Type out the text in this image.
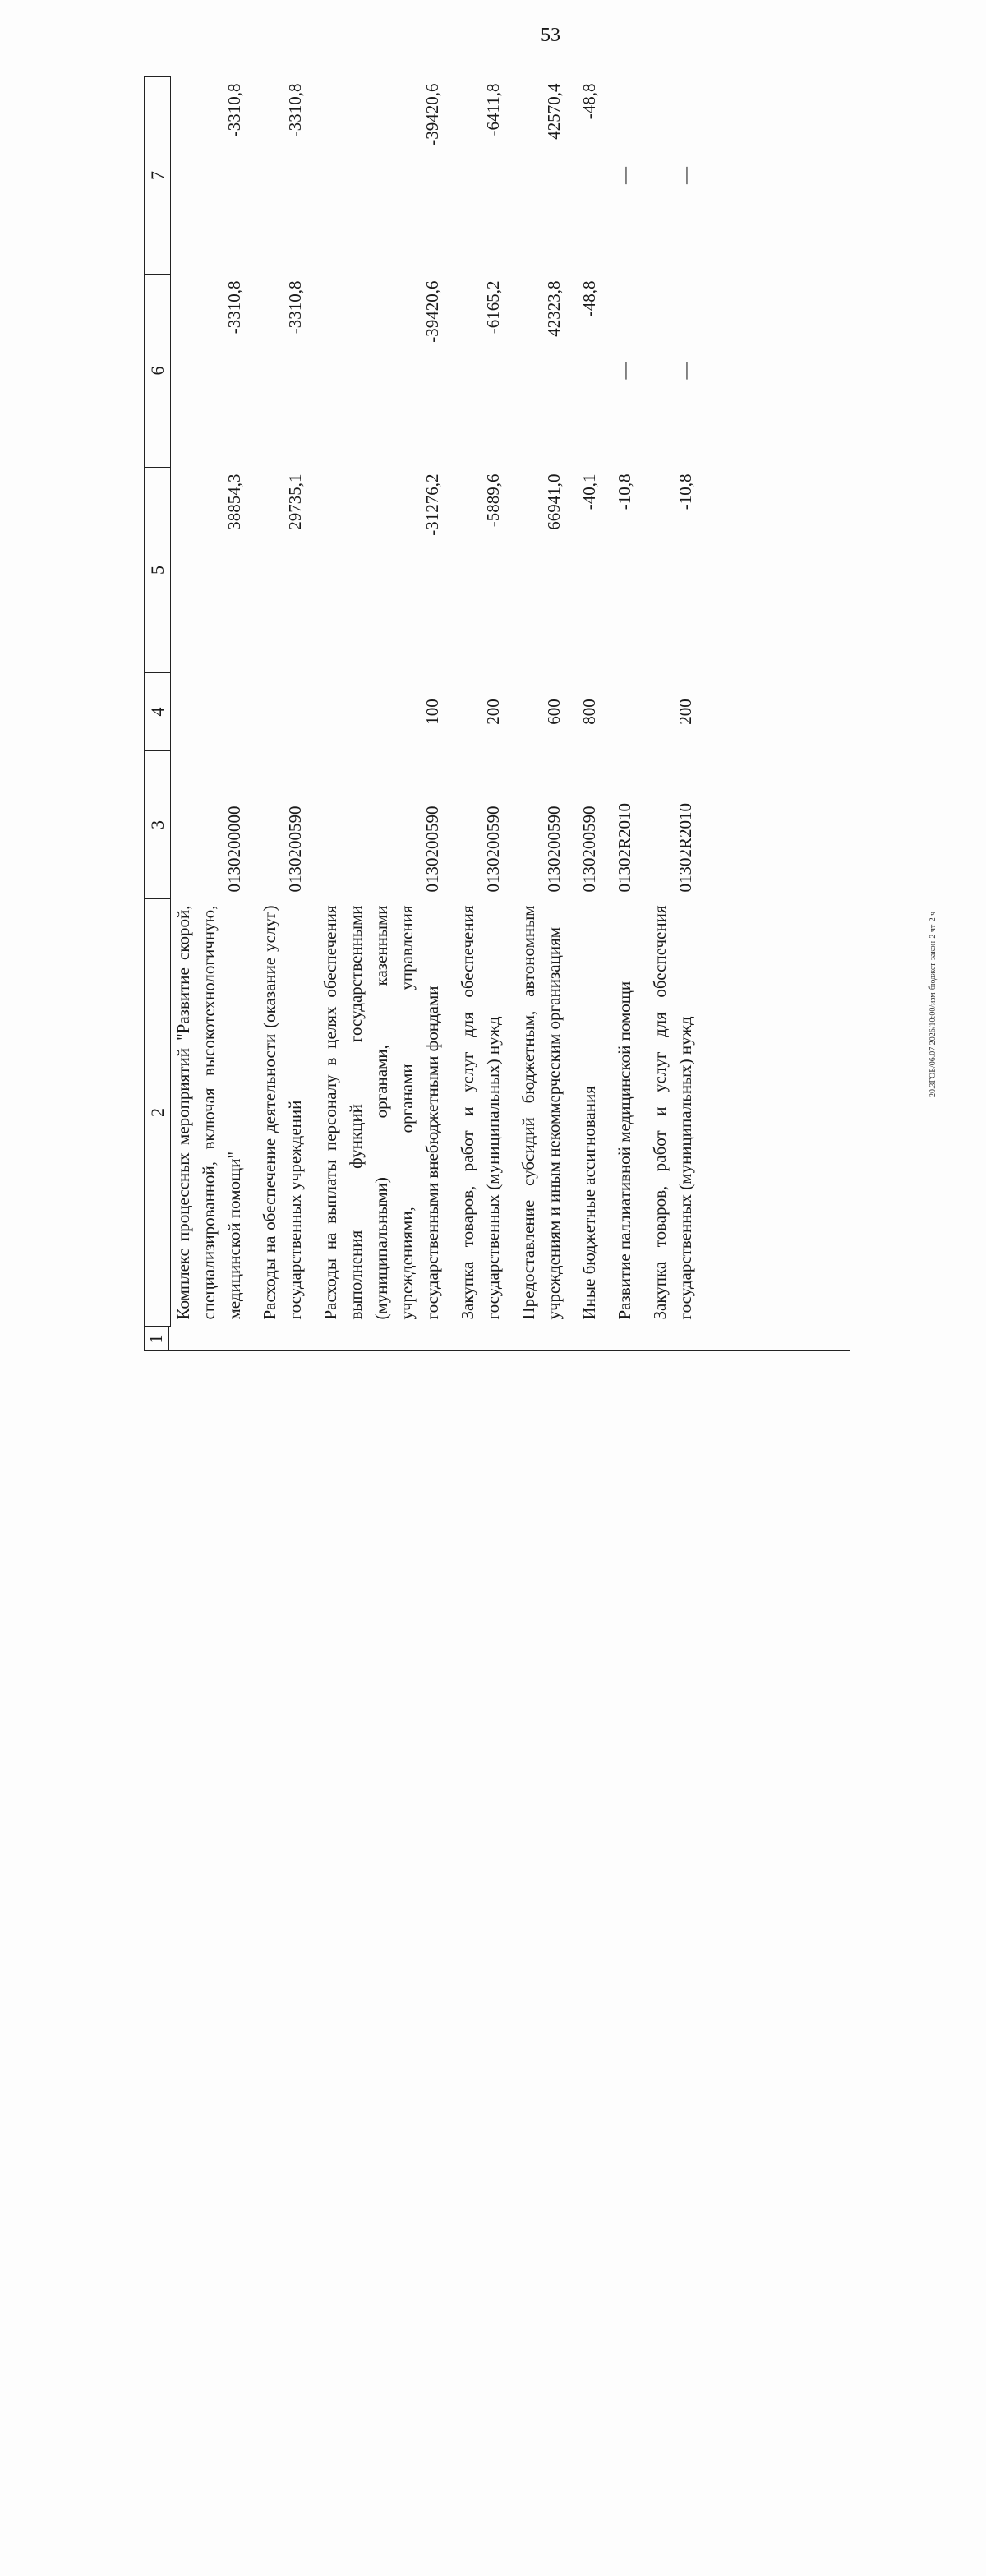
53
2	3	4	5	6	7
Комплекс процессных мероприятий "Развитие скорой, специализированной, включая высокотехнологичную, медицинской помощи"	0130200000		38854,3	-3310,8	-3310,8
Расходы на обеспечение деятельности (оказание услуг) государственных учреждений	0130200590		29735,1	-3310,8	-3310,8
Расходы на выплаты персоналу в целях обеспечения выполнения функций государственными (муниципальными) органами, казенными учреждениями, органами управления государственными внебюджетными фондами	0130200590	100	-31276,2	-39420,6	-39420,6
Закупка товаров, работ и услуг для обеспечения государственных (муниципальных) нужд	0130200590	200	-5889,6	-6165,2	-6411,8
Предоставление субсидий бюджетным, автономным учреждениям и иным некоммерческим организациям	0130200590	600	66941,0	42323,8	42570,4
Иные бюджетные ассигнования	0130200590	800	-40,1	-48,8	-48,8
Развитие паллиативной медицинской помощи	01302R2010		-10,8	—	—
Закупка товаров, работ и услуг для обеспечения государственных (муниципальных) нужд	01302R2010	200	-10,8	—	—
1
20.3ГОБ/06.07.2026/10:00/изм-бюджет-закон-2 чт-2 ч
